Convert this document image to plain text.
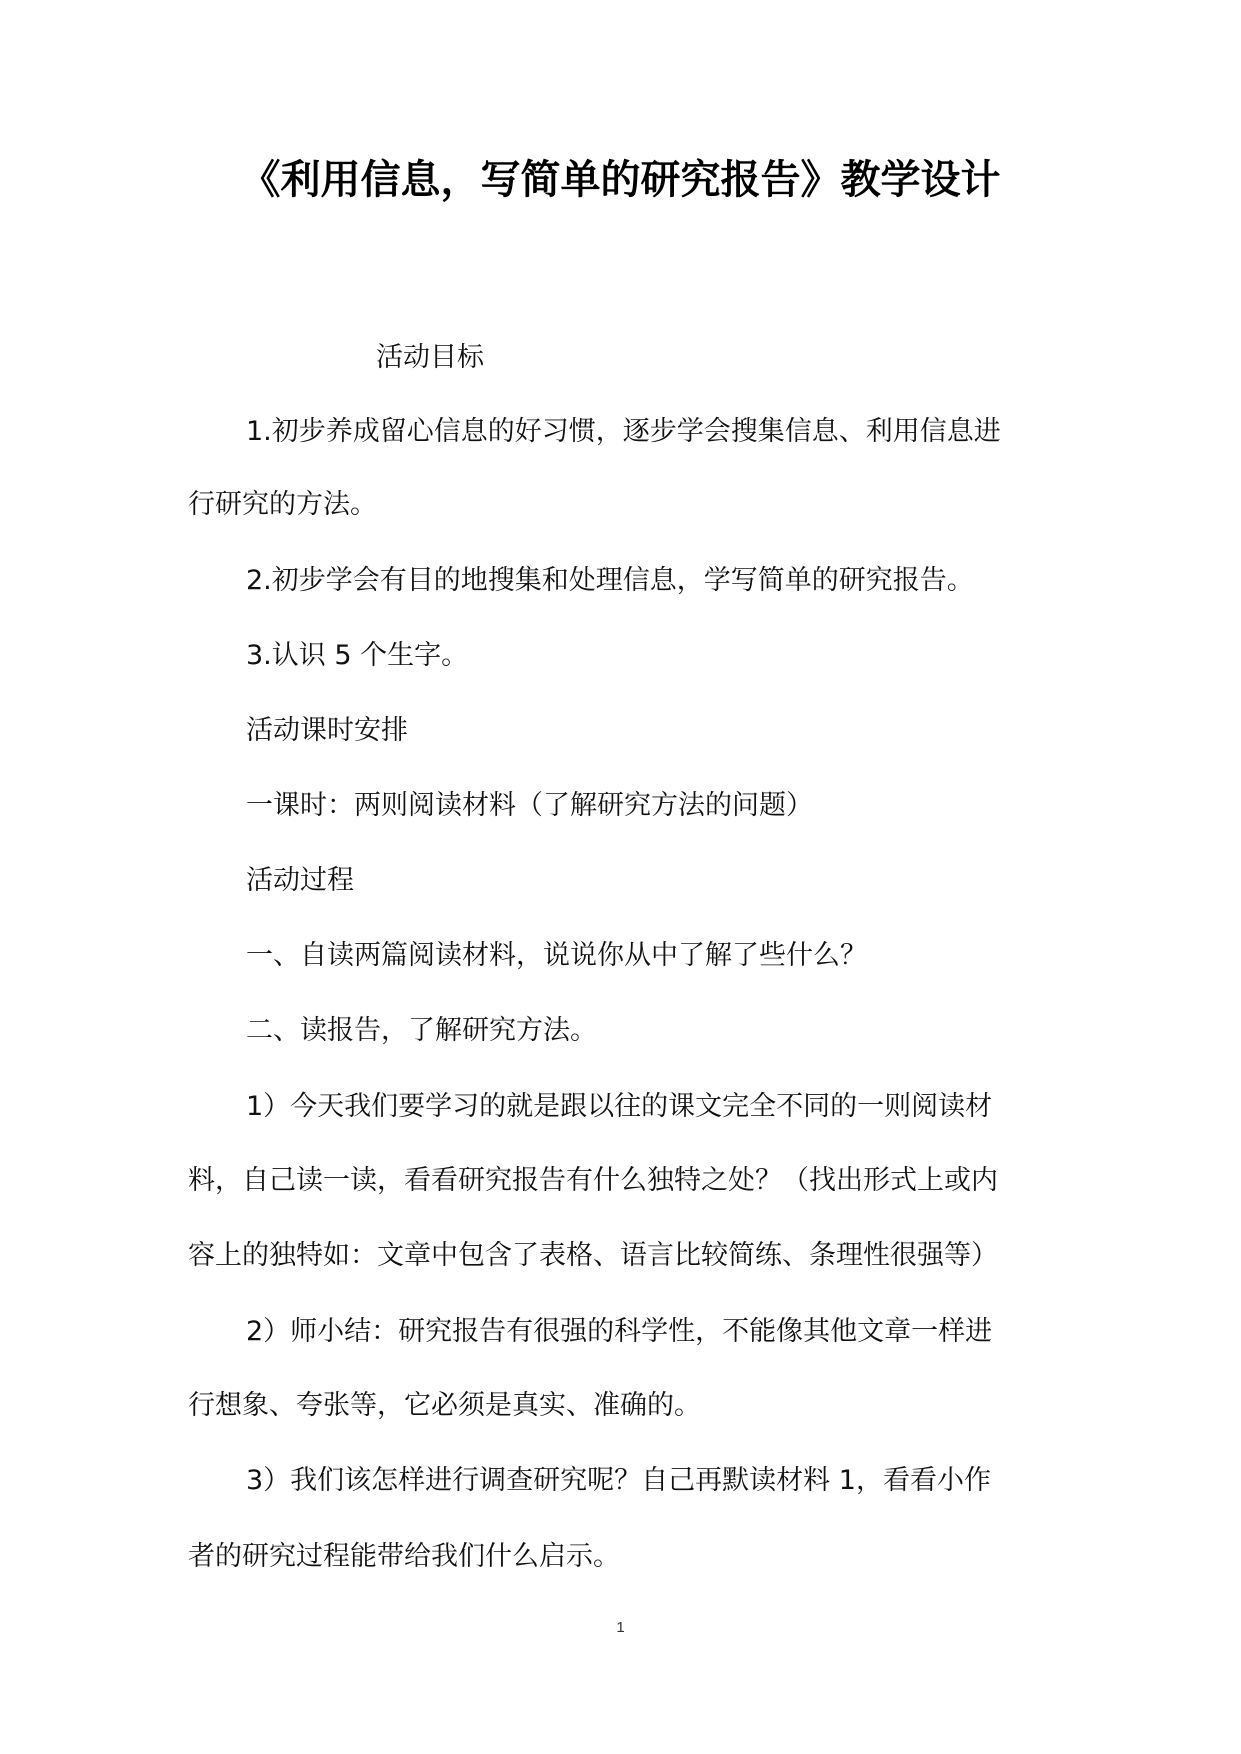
《利用信息，写简单的研究报告》教学设计
活动目标
1.初步养成留心信息的好习惯，逐步学会搜集信息、利用信息进
行研究的方法。
2.初步学会有目的地搜集和处理信息，学写简单的研究报告。
3.认识 5 个生字。
活动课时安排
一课时：两则阅读材料（了解研究方法的问题）
活动过程
一、自读两篇阅读材料，说说你从中了解了些什么？
二、读报告，了解研究方法。
1）今天我们要学习的就是跟以往的课文完全不同的一则阅读材
料，自己读一读，看看研究报告有什么独特之处？（找出形式上或内
容上的独特如：文章中包含了表格、语言比较简练、条理性很强等）
2）师小结：研究报告有很强的科学性，不能像其他文章一样进
行想象、夸张等，它必须是真实、准确的。
3）我们该怎样进行调查研究呢？自己再默读材料 1，看看小作
者的研究过程能带给我们什么启示。
1
